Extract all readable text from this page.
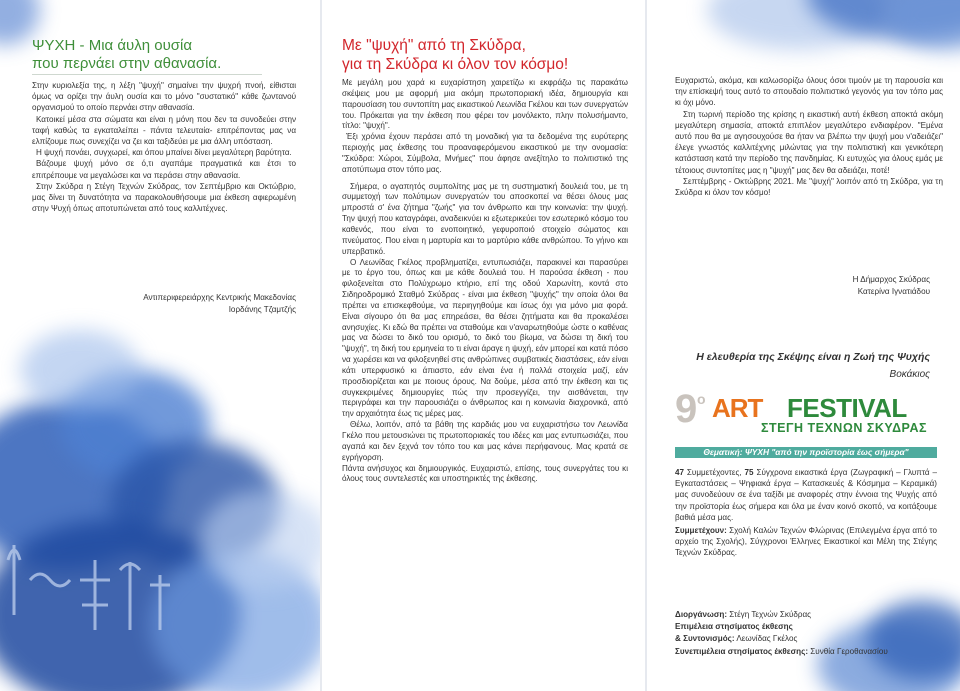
ΨΥΧΗ - Μια άυλη ουσία
που περνάει στην αθανασία.

Στην κυριολεξία της, η λέξη "ψυχή" σημαίνει την ψυχρή πνοή, είθισται όμως να ορίζει την άυλη ουσία και το μόνο "συστατικό" κάθε ζωντανού οργανισμού το οποίο περνάει στην αθανασία.

Κατοικεί μέσα στα σώματα και είναι η μόνη που δεν τα συνοδεύει στην ταφή καθώς τα εγκαταλείπει - πάντα τελευταία- επιτρέποντας μας να ελπίζουμε πως συνεχίζει να ζει και ταξιδεύει με μια άλλη υπόσταση.

Η ψυχή πονάει, συγχωρεί, και όπου μπαίνει δίνει μεγαλύτερη βαρύτητα.

Βάζουμε ψυχή μόνο σε ό,τι αγαπάμε πραγματικά και έτσι το επιτρέπουμε να μεγαλώσει και να περάσει στην αθανασία.

Στην Σκύδρα η Στέγη Τεχνών Σκύδρας, τον Σεπτέμβριο και Οκτώβριο, μας δίνει τη δυνατότητα να παρακολουθήσουμε μια έκθεση αφιερωμένη στην Ψυχή όπως αποτυπώνεται από τους καλλιτέχνες.

Αντιπεριφερειάρχης Κεντρικής Μακεδονίας
Ιορδάνης Τζαμτζής
Με "ψυχή" από τη Σκύδρα,
για τη Σκύδρα κι όλον τον κόσμο!

Με μεγάλη μου χαρά κι ευχαρίστηση χαιρετίζω κι εκφράζω τις παρακάτω σκέψεις μου με αφορμή μια ακόμη πρωτοποριακή ιδέα, δημιουργία και παρουσίαση του συντοπίτη μας εικαστικού Λεωνίδα Γκέλου και των συνεργατών του. Πρόκειται για την έκθεση που φέρει τον μονόλεκτο, πλην πολυσήμαντο, τίτλο: "ψυχή".

Έξι χρόνια έχουν περάσει από τη μοναδική για τα δεδομένα της ευρύτερης περιοχής μας έκθεσης του προαναφερόμενου εικαστικού με την ονομασία: "Σκύδρα: Χώροι, Σύμβολα, Μνήμες" που άφησε ανεξίτηλο το πολιτιστικό της αποτύπωμα στον τόπο μας.

Σήμερα, ο αγαπητός συμπολίτης μας με τη συστηματική δουλειά του, με τη συμμετοχή των πολύτιμων συνεργατών του αποσκοπεί να θέσει όλους μας μπροστά σ' ένα ζήτημα "ζωής" για τον άνθρωπο και την κοινωνία: την ψυχή. Την ψυχή που καταγράφει, αναδεικνύει κι εξωτερικεύει τον εσωτερικό κόσμο του καθενός, που είναι το ενοποιητικό, γεφυροποιό στοιχείο σώματος και πνεύματος. Που είναι η μαρτυρία και το μαρτύριο κάθε ανθρώπου. Το γήινο και υπερβατικό.

Ο Λεωνίδας Γκέλος προβληματίζει, εντυπωσιάζει, παρακινεί και παρασύρει με το έργο του, όπως και με κάθε δουλειά του. Η παρούσα έκθεση - που φιλοξενείται στο Πολύχρωμο κτήριο, επί της οδού Χαρωνίτη, κοντά στο Σιδηροδρομικό Σταθμό Σκύδρας - είναι μια έκθεση "ψυχής" την οποία όλοι θα πρέπει να επισκεφθούμε, να περιηγηθούμε και ίσως όχι για μόνο μια φορά. Είναι σίγουρο ότι θα μας επηρεάσει, θα θέσει ζητήματα και θα προκαλέσει ανησυχίες. Κι εδώ θα πρέπει να σταθούμε και ν'αναρωτηθούμε ώστε ο καθένας μας να δώσει το δικό του ορισμό, το δικό του βίωμα, να δώσει τη δική του "ψυχή", τη δική του ερμηνεία το τι είναι άραγε η ψυχή, εάν μπορεί και κατά πόσο να χωρέσει και να φιλοξενηθεί στις ανθρώπινες συμβατικές διαστάσεις, εάν είναι κάτι υπερφυσικό κι άπιαστο, εάν είναι ένα ή πολλά στοιχεία μαζί, εάν προσδιορίζεται και με ποιους όρους. Να δούμε, μέσα από την έκθεση και τις συγκεκριμένες δημιουργίες πώς την προσεγγίζει, την αισθάνεται, την περιγράφει και την παρουσιάζει ο άνθρωπος και η κοινωνία διαχρονικά, από την αρχαιότητα έως τις μέρες μας.

Θέλω, λοιπόν, από τα βάθη της καρδιάς μου να ευχαριστήσω τον Λεωνίδα Γκέλο που μετουσιώνει τις πρωτοποριακές του ιδέες και μας εντυπωσιάζει, που αγαπά και δεν ξεχνά τον τόπο του και μας κάνει περήφανους. Μας κρατά σε εγρήγορση.

Πάντα ανήσυχος και δημιουργικός. Ευχαριστώ, επίσης, τους συνεργάτες του κι όλους τους συντελεστές και υποστηρικτές της έκθεσης.

Ευχαριστώ, ακόμα, και καλωσορίζω όλους όσοι τιμούν με τη παρουσία και την επίσκεψή τους αυτό το σπουδαίο πολιτιστικό γεγονός για τον τόπο μας κι όχι μόνο.

Στη τωρινή περίοδο της κρίσης η εικαστική αυτή έκθεση αποκτά ακόμη μεγαλύτερη σημασία, αποκτά επιπλέον μεγαλύτερο ενδιαφέρον. "Εμένα αυτό που θα με αγησουχούσε θα ήταν να βλέπω την ψυχή μου ν'αδειάζει" έλεγε γνωστός καλλιτέχνης μιλώντας για την πολιτιστική και γενικότερη κατάσταση κατά την περίοδο της πανδημίας. Κι ευτυχώς για όλους εμάς με τέτοιους συντοπίτες μας η "ψυχή" μας δεν θα αδειάζει, ποτέ!

Σεπτέμβρης - Οκτώβρης 2021. Με "ψυχή" λοιπόν από τη Σκύδρα, για τη Σκύδρα κι όλον τον κόσμο!

Η Δήμαρχος Σκύδρας
Κατερίνα Ιγνατιάδου
Η ελευθερία της Σκέψης είναι η Ζωή της Ψυχής
Βοκάκιος
9 ο ART FESTIVAL
ΣΤΕΓΗ ΤΕΧΝΩΝ ΣΚΥΔΡΑΣ
Θεματική: ΨΥΧΗ "από την προϊστορία έως σήμερα"

47 Συμμετέχοντες, 75 Σύγχρονα εικαστικά έργα (Ζωγραφική – Γλυπτά – Εγκαταστάσεις – Ψηφιακά έργα – Κατασκευές & Κόσμημα – Κεραμικά) μας συνοδεύουν σε ένα ταξίδι με αναφορές στην έννοια της Ψυχής από την προϊστορία έως σήμερα και όλα με έναν κοινό σκοπό, να κοιτάξουμε βαθιά μέσα μας.

Συμμετέχουν: Σχολή Καλών Τεχνών Φλώρινας (Επιλεγμένα έργα από το αρχείο της Σχολής), Σύγχρονοι Έλληνες Εικαστικοί και Μέλη της Στέγης Τεχνών Σκύδρας.

Διοργάνωση: Στέγη Τεχνών Σκύδρας
Επιμέλεια στησίματος έκθεσης
& Συντονισμός: Λεωνίδας Γκέλος
Συνεπιμέλεια στησίματος έκθεσης: Συνθία Γεροθανασίου
